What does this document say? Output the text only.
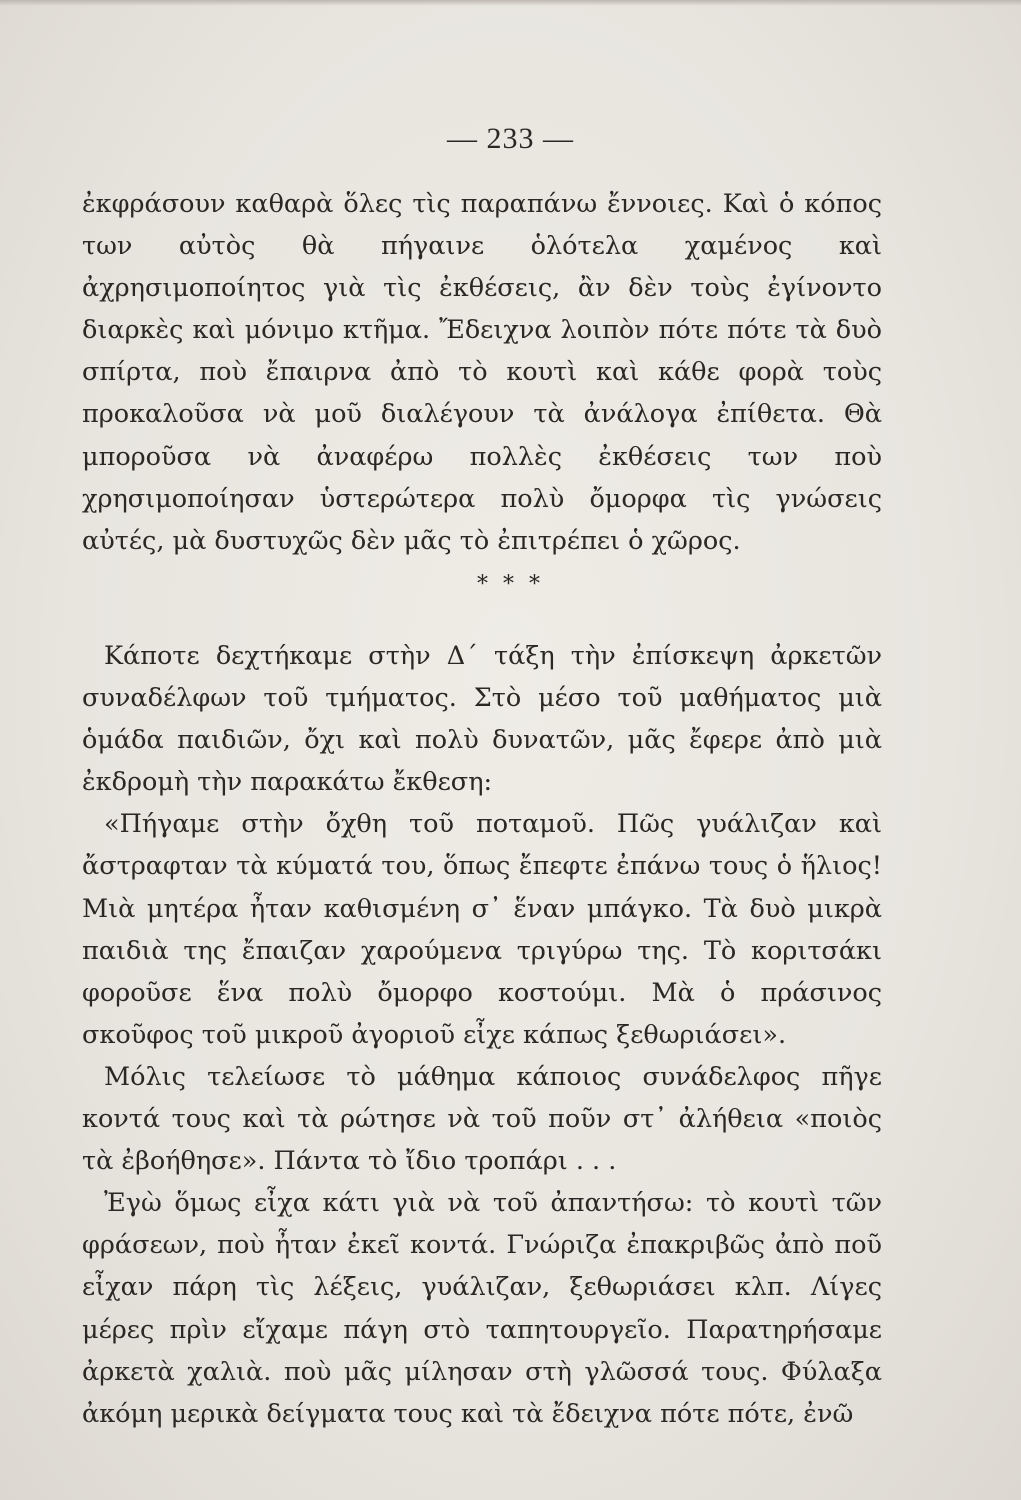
— 233 —

ἐκφράσουν καθαρὰ ὅλες τὶς παραπάνω ἔννοιες. Καὶ ὁ κόπος των αὐτὸς θὰ πήγαινε ὁλότελα χαμένος καὶ ἀχρησιμοποίητος γιὰ τὶς ἐκθέσεις, ἂν δὲν τοὺς ἐγίνοντο διαρκὲς καὶ μόνιμο κτῆμα. Ἔδειχνα λοιπὸν πότε πότε τὰ δυὸ σπίρτα, ποὺ ἔπαιρνα ἀπὸ τὸ κουτὶ καὶ κάθε φορὰ τοὺς προκαλοῦσα νὰ μοῦ διαλέγουν τὰ ἀνάλογα ἐπίθετα. Θὰ μποροῦσα νὰ ἀναφέρω πολλὲς ἐκθέσεις των ποὺ χρησιμοποίησαν ὑστερώτερα πολὺ ὄμορφα τὶς γνώσεις αὐτές, μὰ δυστυχῶς δὲν μᾶς τὸ ἐπιτρέπει ὁ χῶρος.

* * *

Κάποτε δεχτήκαμε στὴν Δ΄ τάξη τὴν ἐπίσκεψη ἀρκετῶν συναδέλφων τοῦ τμήματος. Στὸ μέσο τοῦ μαθήματος μιὰ ὁμάδα παιδιῶν, ὄχι καὶ πολὺ δυνατῶν, μᾶς ἔφερε ἀπὸ μιὰ ἐκδρομὴ τὴν παρακάτω ἔκθεση:

«Πήγαμε στὴν ὄχθη τοῦ ποταμοῦ. Πῶς γυάλιζαν καὶ ἄστραφταν τὰ κύματά του, ὅπως ἔπεφτε ἐπάνω τους ὁ ἥλιος! Μιὰ μητέρα ἦταν καθισμένη σ᾽ ἕναν μπάγκο. Τὰ δυὸ μικρὰ παιδιὰ της ἔπαιζαν χαρούμενα τριγύρω της. Τὸ κοριτσάκι φοροῦσε ἕνα πολὺ ὄμορφο κοστούμι. Μὰ ὁ πράσινος σκοῦφος τοῦ μικροῦ ἀγοριοῦ εἶχε κάπως ξεθωριάσει».

Μόλις τελείωσε τὸ μάθημα κάποιος συνάδελφος πῆγε κοντά τους καὶ τὰ ρώτησε νὰ τοῦ ποῦν στ᾽ ἀλήθεια «ποιὸς τὰ ἐβοήθησε». Πάντα τὸ ἴδιο τροπάρι . . .

Ἐγὼ ὅμως εἶχα κάτι γιὰ νὰ τοῦ ἀπαντήσω: τὸ κουτὶ τῶν φράσεων, ποὺ ἦταν ἐκεῖ κοντά. Γνώριζα ἐπακριβῶς ἀπὸ ποῦ εἶχαν πάρη τὶς λέξεις, γυάλιζαν, ξεθωριάσει κλπ. Λίγες μέρες πρὶν εἴχαμε πάγη στὸ ταπητουργεῖο. Παρατηρήσαμε ἀρκετὰ χαλιὰ. ποὺ μᾶς μίλησαν στὴ γλῶσσά τους. Φύλαξα ἀκόμη μερικὰ δείγματα τους καὶ τὰ ἔδειχνα πότε πότε, ἐνῶ
